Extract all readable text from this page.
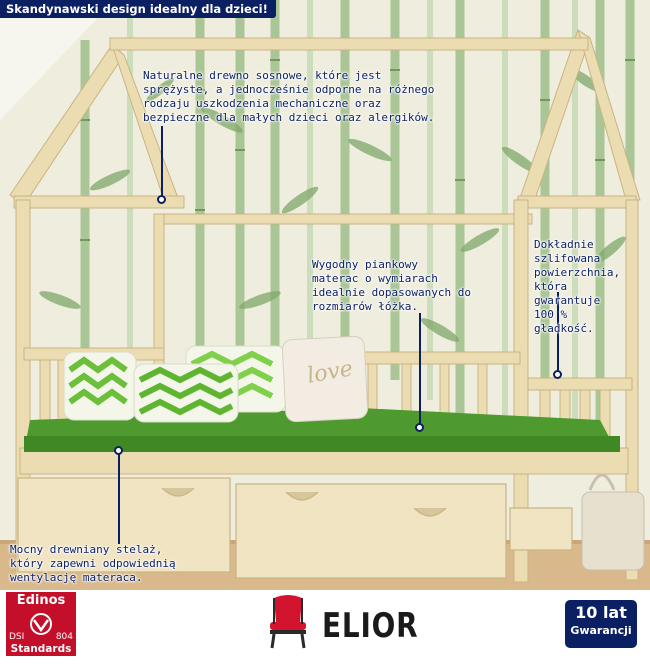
love
Skandynawski design idealny dla dzieci!
Naturalne drewno sosnowe, które jest
sprężyste, a jednocześnie odporne na różnego
rodzaju uszkodzenia mechaniczne oraz
bezpieczne dla małych dzieci oraz alergików.
Wygodny piankowy
materac o wymiarach
idealnie dopasowanych do
rozmiarów łóżka.
Dokładnie
szlifowana
powierzchnia,
która
gwarantuje
100 %
gładkość.
Mocny drewniany stelaż,
który zapewni odpowiednią
wentylację materaca.
Edinos
DSI	804
Standards
ELIOR	10 lat
Gwarancji
